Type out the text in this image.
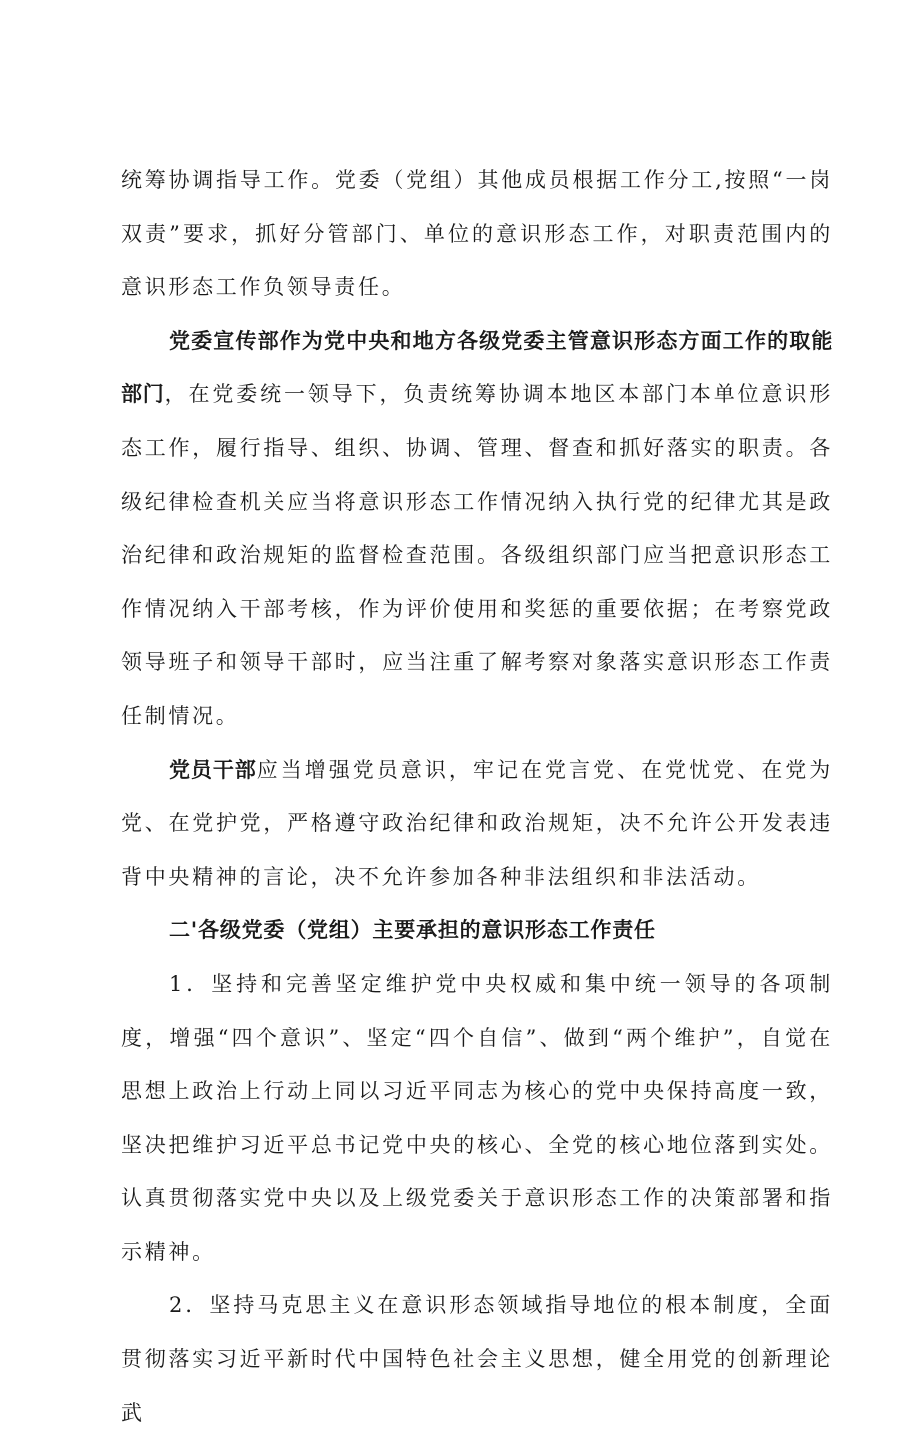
统筹协调指导工作。党委（党组）其他成员根据工作分工,按照“一岗双责”要求，抓好分管部门、单位的意识形态工作，对职责范围内的意识形态工作负领导责任。

党委宣传部作为党中央和地方各级党委主管意识形态方面工作的取能部门，在党委统一领导下，负责统筹协调本地区本部门本单位意识形态工作，履行指导、组织、协调、管理、督查和抓好落实的职责。各级纪律检查机关应当将意识形态工作情况纳入执行党的纪律尤其是政治纪律和政治规矩的监督检查范围。各级组织部门应当把意识形态工作情况纳入干部考核，作为评价使用和奖惩的重要依据；在考察党政领导班子和领导干部时，应当注重了解考察对象落实意识形态工作责任制情况。

党员干部应当增强党员意识，牢记在党言党、在党忧党、在党为党、在党护党，严格遵守政治纪律和政治规矩，决不允许公开发表违背中央精神的言论，决不允许参加各种非法组织和非法活动。

二'各级党委（党组）主要承担的意识形态工作责任

1．坚持和完善坚定维护党中央权威和集中统一领导的各项制度，增强“四个意识”、坚定“四个自信”、做到“两个维护”，自觉在思想上政治上行动上同以习近平同志为核心的党中央保持高度一致，坚决把维护习近平总书记党中央的核心、全党的核心地位落到实处。认真贯彻落实党中央以及上级党委关于意识形态工作的决策部署和指示精神。

2．坚持马克思主义在意识形态领域指导地位的根本制度，全面贯彻落实习近平新时代中国特色社会主义思想，健全用党的创新理论武
